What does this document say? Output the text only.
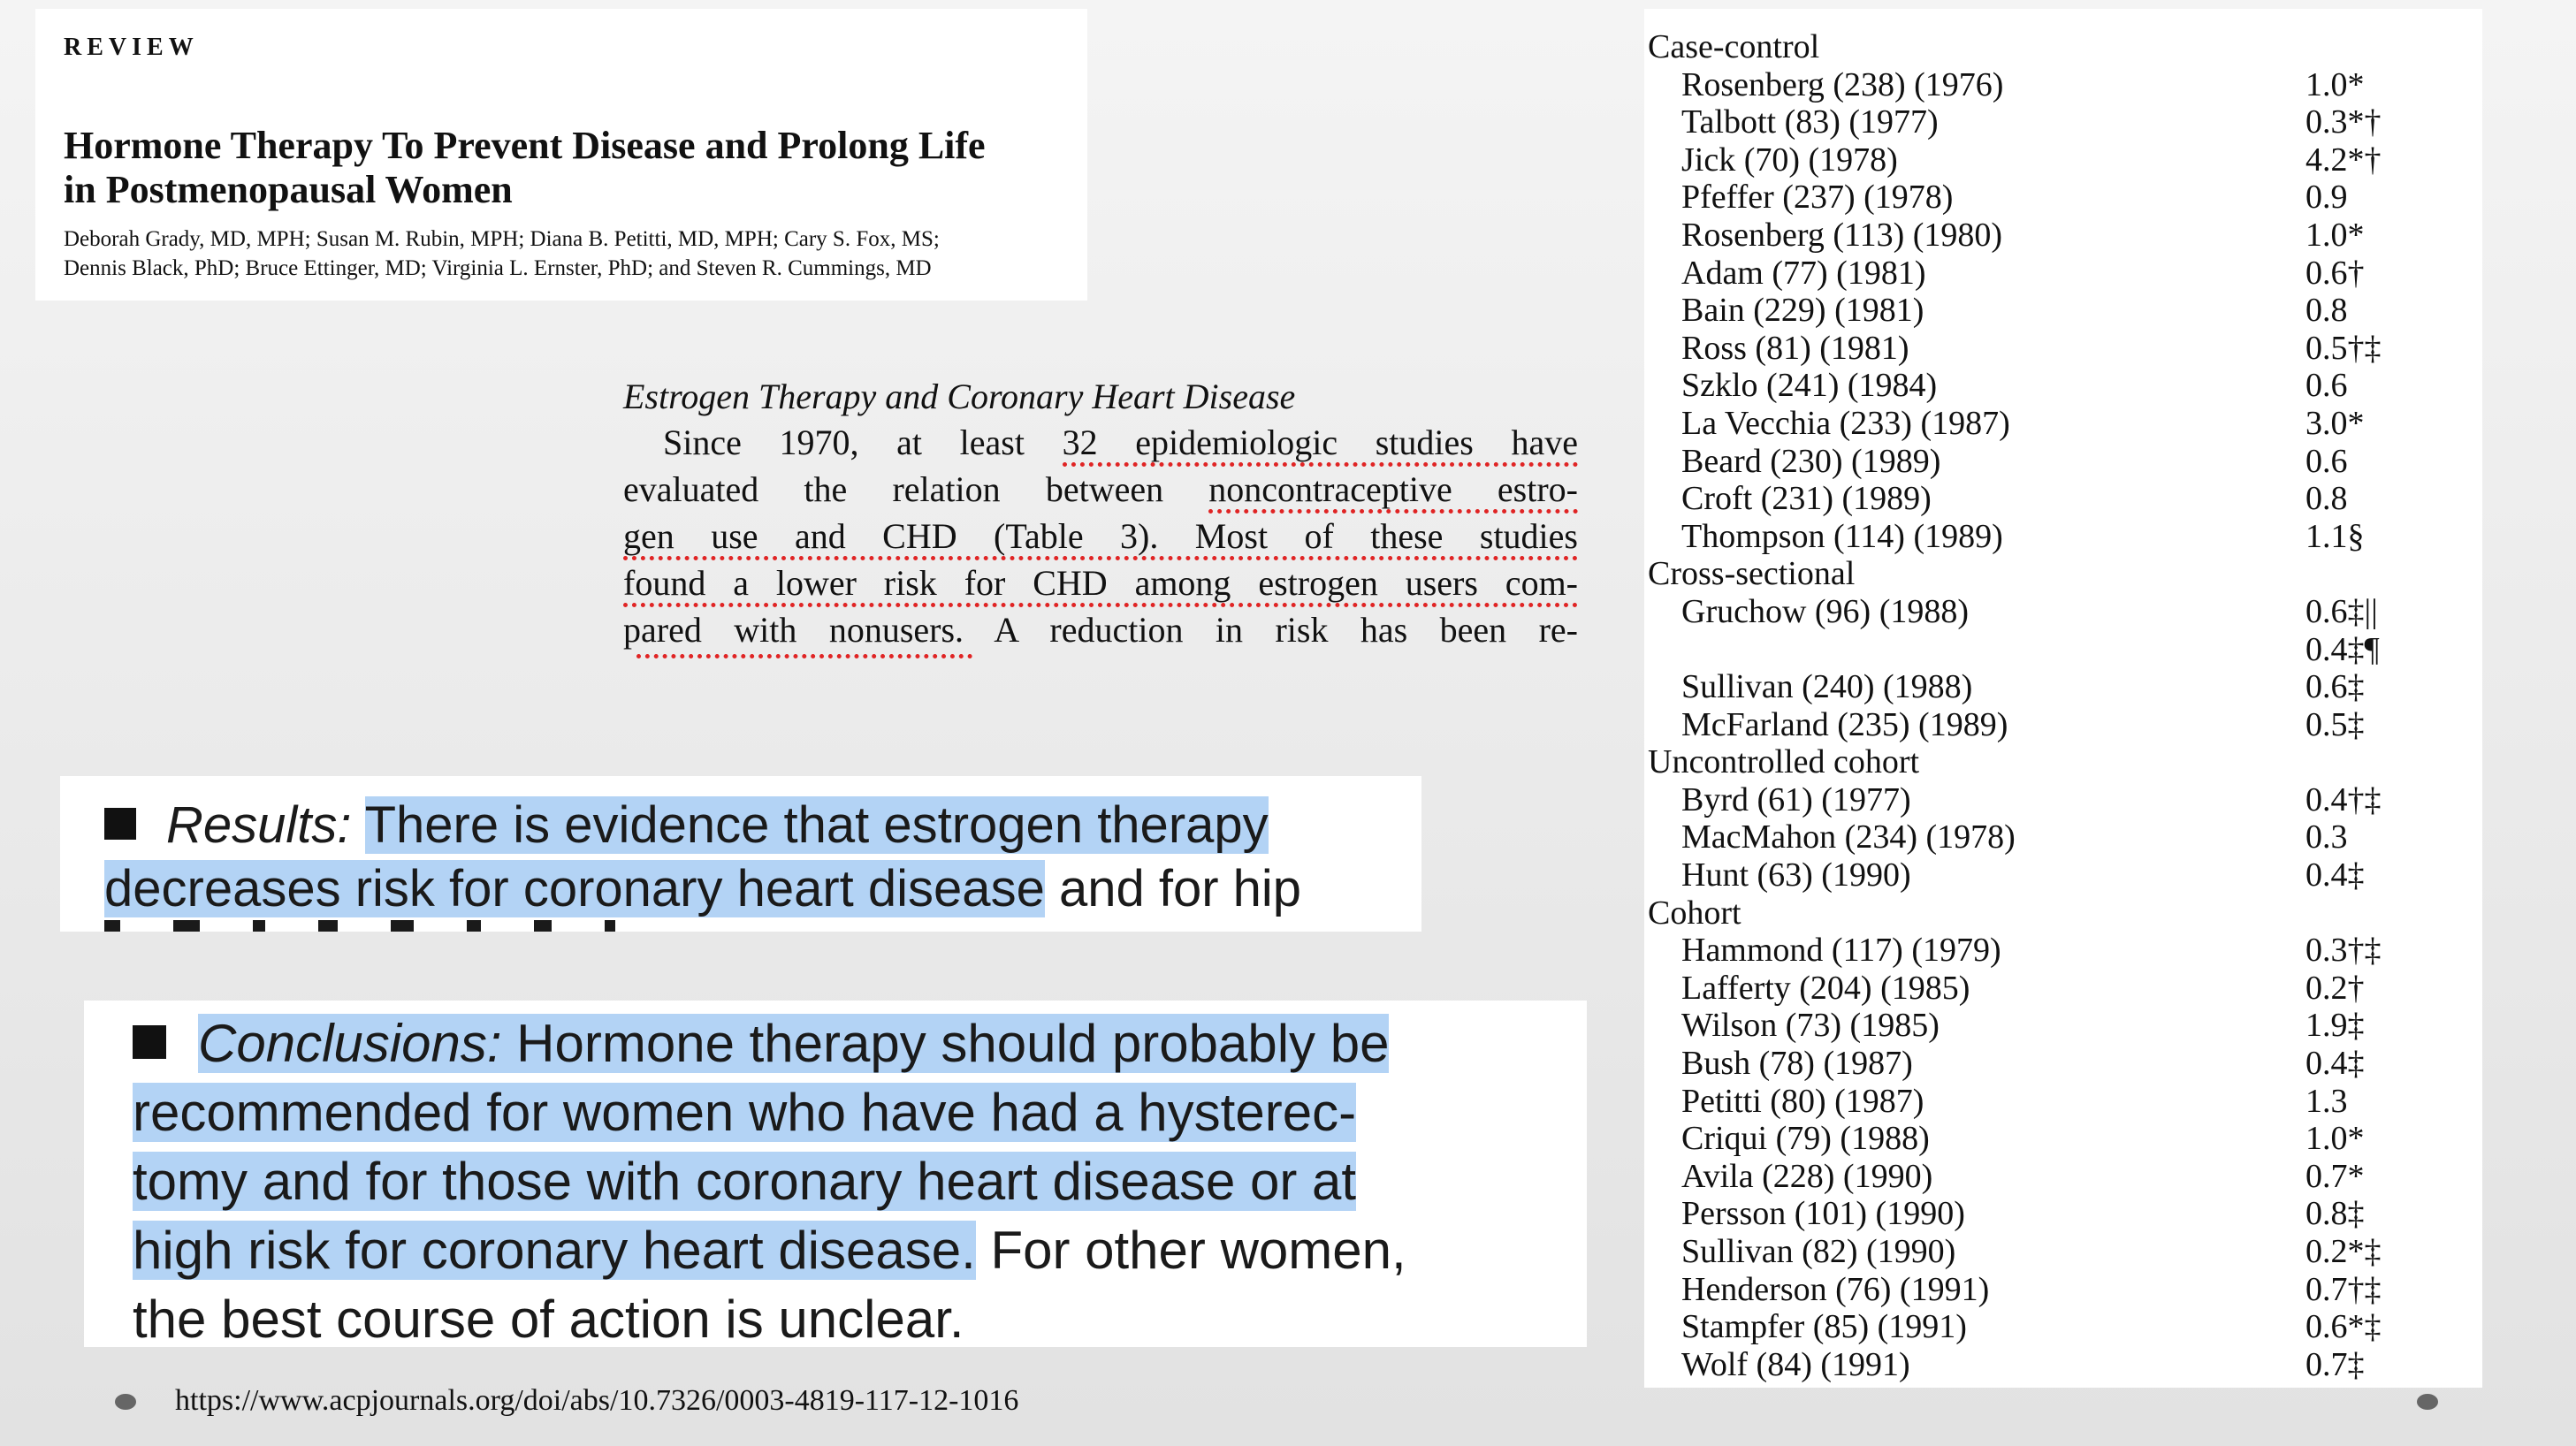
REVIEW
Hormone Therapy To Prevent Disease and Prolong Life
in Postmenopausal Women
Deborah Grady, MD, MPH; Susan M. Rubin, MPH; Diana B. Petitti, MD, MPH; Cary S. Fox, MS;
Dennis Black, PhD; Bruce Ettinger, MD; Virginia L. Ernster, PhD; and Steven R. Cummings, MD
Estrogen Therapy and Coronary Heart Disease
Since 1970, at least 32 epidemiologic studies have
evaluated the relation between noncontraceptive estro-
gen use and CHD (Table 3). Most of these studies
found a lower risk for CHD among estrogen users com-
pared with nonusers. A reduction in risk has been re-
Results: There is evidence that estrogen therapy
decreases risk for coronary heart disease and for hip
Conclusions: Hormone therapy should probably be
recommended for women who have had a hysterec-
tomy and for those with coronary heart disease or at
high risk for coronary heart disease. For other women,
the best course of action is unclear.
Case-control
Rosenberg (238) (1976)	1.0*
Talbott (83) (1977)	0.3*†
Jick (70) (1978)	4.2*†
Pfeffer (237) (1978)	0.9
Rosenberg (113) (1980)	1.0*
Adam (77) (1981)	0.6†
Bain (229) (1981)	0.8
Ross (81) (1981)	0.5†‡
Szklo (241) (1984)	0.6
La Vecchia (233) (1987)	3.0*
Beard (230) (1989)	0.6
Croft (231) (1989)	0.8
Thompson (114) (1989)	1.1§
Cross-sectional
Gruchow (96) (1988)	0.6‡||
0.4‡¶
Sullivan (240) (1988)	0.6‡
McFarland (235) (1989)	0.5‡
Uncontrolled cohort
Byrd (61) (1977)	0.4†‡
MacMahon (234) (1978)	0.3
Hunt (63) (1990)	0.4‡
Cohort
Hammond (117) (1979)	0.3†‡
Lafferty (204) (1985)	0.2†
Wilson (73) (1985)	1.9‡
Bush (78) (1987)	0.4‡
Petitti (80) (1987)	1.3
Criqui (79) (1988)	1.0*
Avila (228) (1990)	0.7*
Persson (101) (1990)	0.8‡
Sullivan (82) (1990)	0.2*‡
Henderson (76) (1991)	0.7†‡
Stampfer (85) (1991)	0.6*‡
Wolf (84) (1991)	0.7‡
https://www.acpjournals.org/doi/abs/10.7326/0003-4819-117-12-1016
